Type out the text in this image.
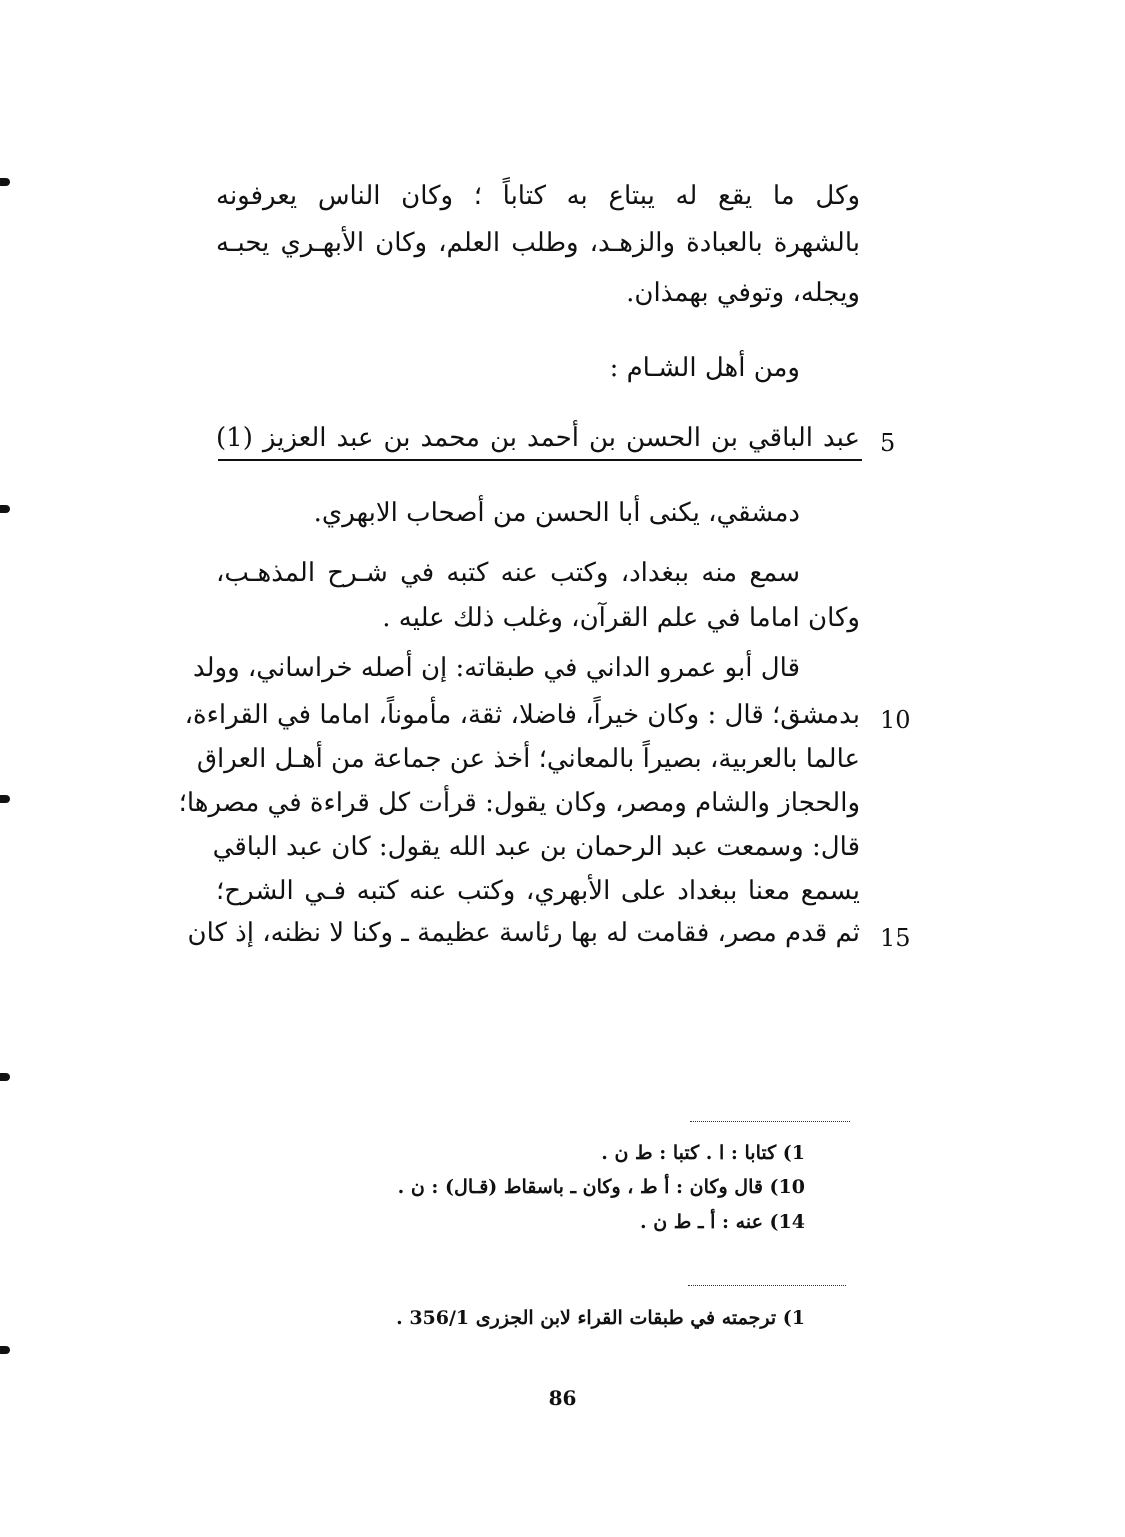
وكل ما يقع له يبتاع به كتاباً ؛ وكان الناس يعرفونه
بالشهرة بالعبادة والزهـد، وطلب العلم، وكان الأبهـري يحبـه
ويجله، وتوفي بهمذان.
ومن أهل الشـام :
5
عبد الباقي بن الحسن بن أحمد بن محمد بن عبد العزيز (1)
دمشقي، يكنى أبا الحسن من أصحاب الابهري.
سمع منه ببغداد، وكتب عنه كتبه في شـرح المذهـب،
وكان اماما في علم القرآن، وغلب ذلك عليه .
قال أبو عمرو الداني في طبقاته: إن أصله خراساني، وولد
10
بدمشق؛ قال : وكان خيراً، فاضلا، ثقة، مأموناً، اماما في القراءة،
عالما بالعربية، بصيراً بالمعاني؛ أخذ عن جماعة من أهـل العراق
والحجاز والشام ومصر، وكان يقول: قرأت كل قراءة في مصرها؛
قال: وسمعت عبد الرحمان بن عبد الله يقول: كان عبد الباقي
يسمع معنا ببغداد على الأبهري، وكتب عنه كتبه فـي الشرح؛
15
ثم قدم مصر، فقامت له بها رئاسة عظيمة ـ وكنا لا نظنه، إذ كان
1) كتابا : ا . كتبا : ط ن .
10) قال وكان : أ ط ، وكان ـ باسقاط (قـال) : ن .
14) عنه : أ ـ ط ن .
1) ترجمته في طبقات القراء لابن الجزرى 356/1 .
86
